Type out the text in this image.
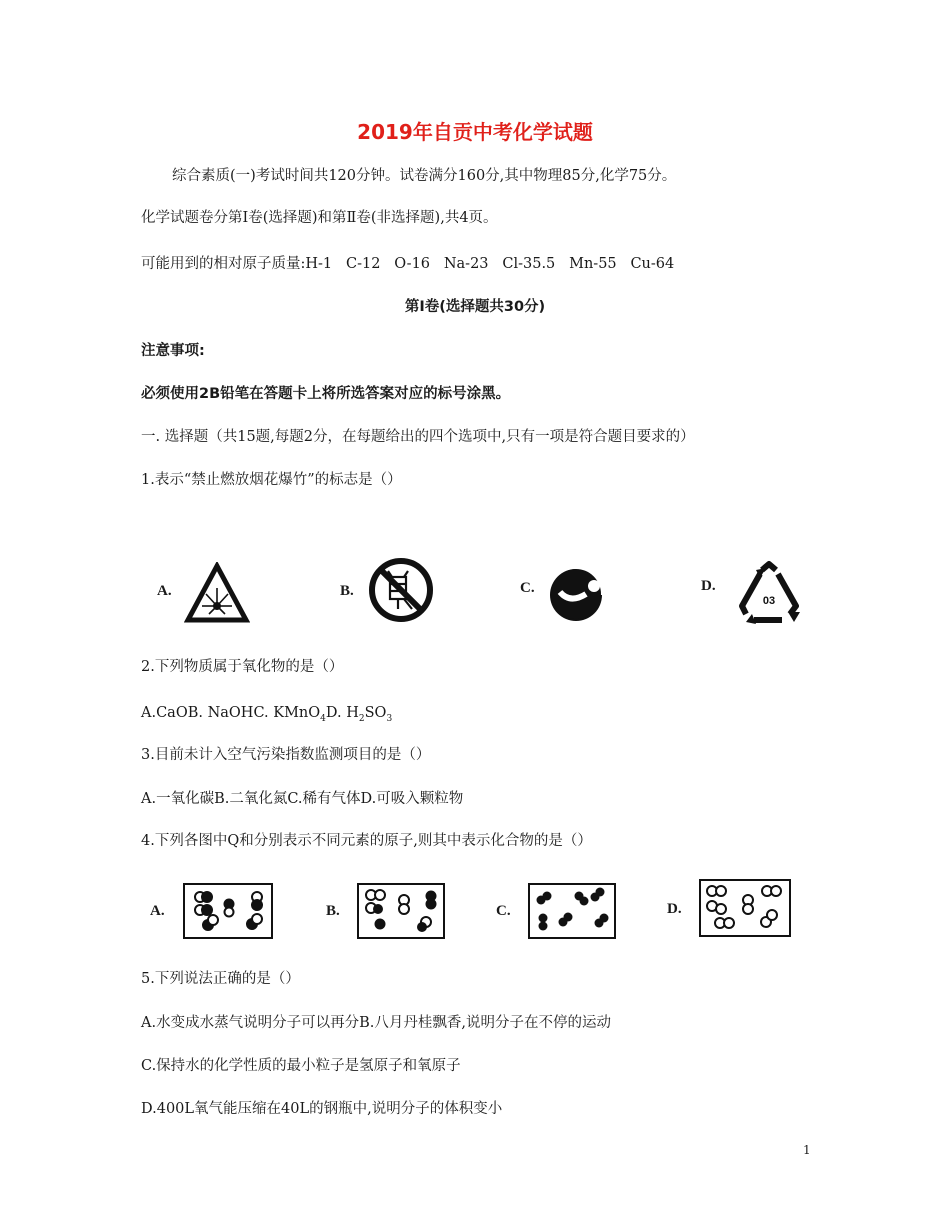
2019年自贡中考化学试题
综合素质(一)考试时间共120分钟。试卷满分160分,其中物理85分,化学75分。
化学试题卷分第Ⅰ卷(选择题)和第Ⅱ卷(非选择题),共4页。
可能用到的相对原子质量:H-1   C-12   O-16   Na-23   Cl-35.5   Mn-55   Cu-64
第Ⅰ卷(选择题共30分)
注意事项:
必须使用2B铅笔在答题卡上将所选答案对应的标号涂黑。
一. 选择题（共15题,每题2分，在每题给出的四个选项中,只有一项是符合题目要求的）
1.表示“禁止燃放烟花爆竹”的标志是（）
A.	B.	C.	D.
03
2.下列物质属于氧化物的是（）
A.CaOB. NaOHC. KMnO$_4$D. $H_2SO_3$
3.目前未计入空气污染指数监测项目的是（）
A.一氧化碳B.二氧化氮C.稀有气体D.可吸入颗粒物
4.下列各图中Q和分别表示不同元素的原子,则其中表示化合物的是（）
A.	B.	C.	D.
5.下列说法正确的是（）
A.水变成水蒸气说明分子可以再分B.八月丹桂飘香,说明分子在不停的运动
C.保持水的化学性质的最小粒子是氢原子和氧原子
D.400L氧气能压缩在40L的钢瓶中,说明分子的体积变小
1
